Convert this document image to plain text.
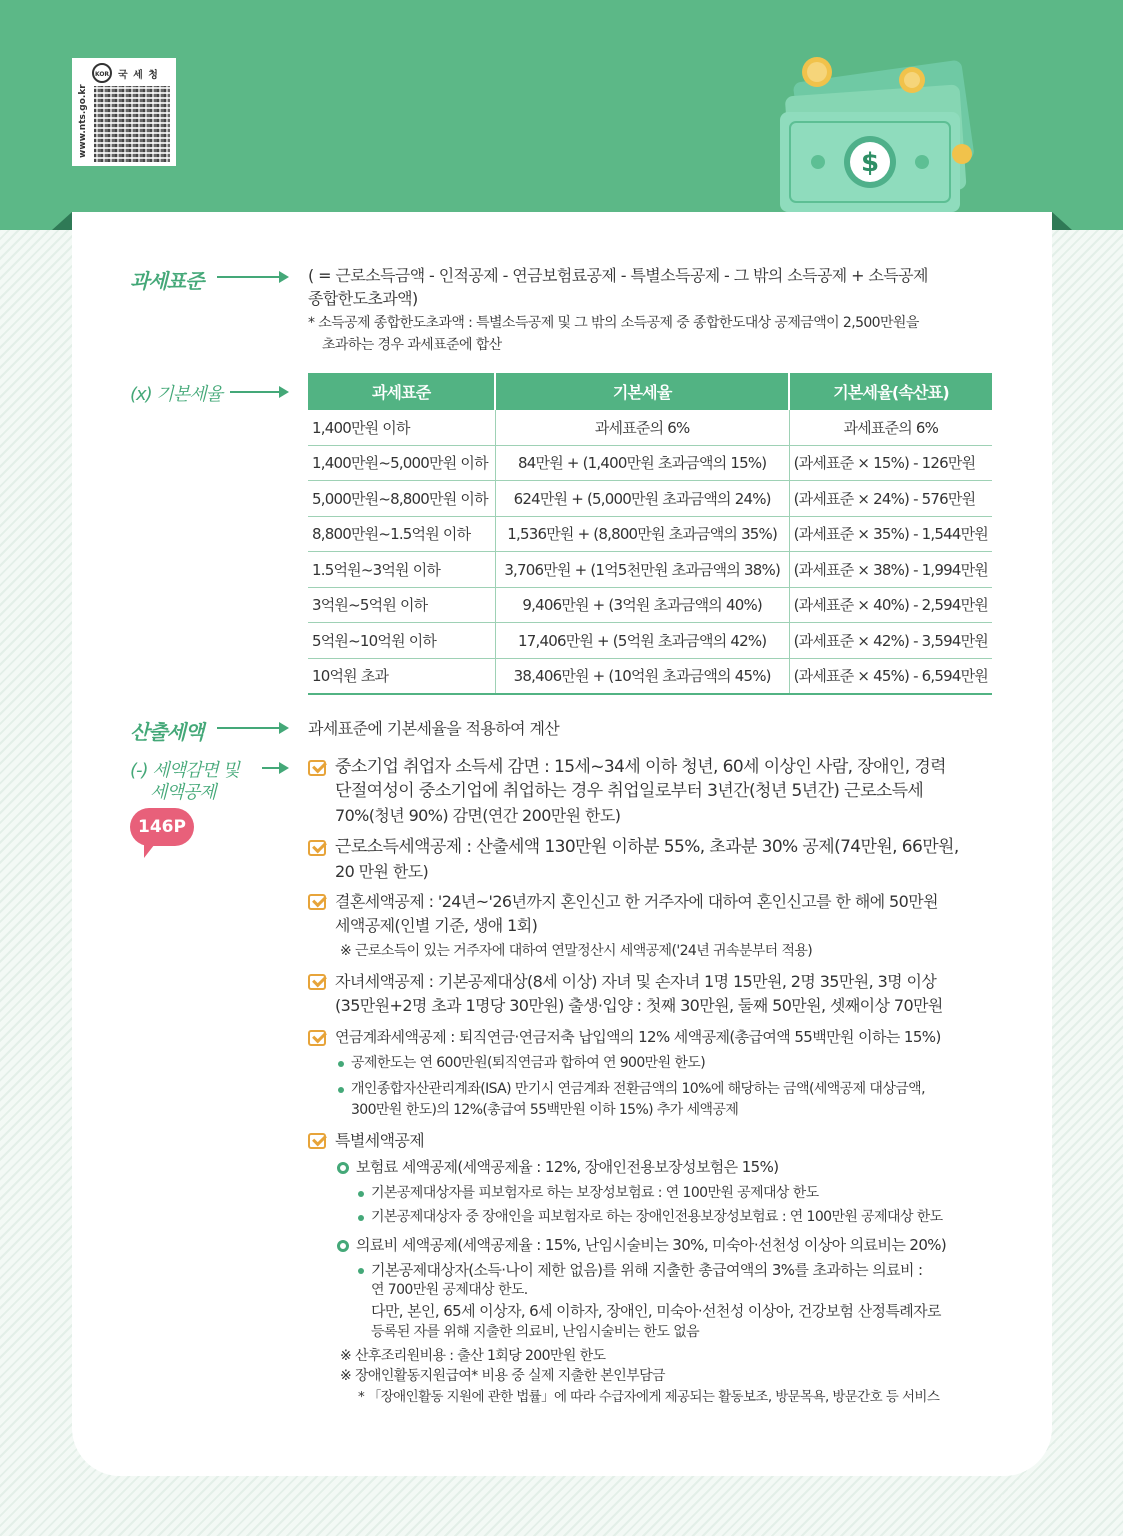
KOR 국 세 청
www.nts.go.kr
$
과세표준	( = 근로소득금액 - 인적공제 - 연금보험료공제 - 특별소득공제 - 그 밖의 소득공제 + 소득공제
종합한도초과액)
* 소득공제 종합한도초과액 : 특별소득공제 및 그 밖의 소득공제 중 종합한도대상 공제금액이 2,500만원을
초과하는 경우 과세표준에 합산
(x) 기본세율	과세표준	기본세율	기본세율(속산표)
1,400만원 이하	과세표준의 6%	과세표준의 6%
1,400만원~5,000만원 이하	84만원 + (1,400만원 초과금액의 15%)	(과세표준 × 15%) - 126만원
5,000만원~8,800만원 이하	624만원 + (5,000만원 초과금액의 24%)	(과세표준 × 24%) - 576만원
8,800만원~1.5억원 이하	1,536만원 + (8,800만원 초과금액의 35%)	(과세표준 × 35%) - 1,544만원
1.5억원~3억원 이하	3,706만원 + (1억5천만원 초과금액의 38%)	(과세표준 × 38%) - 1,994만원
3억원~5억원 이하	9,406만원 + (3억원 초과금액의 40%)	(과세표준 × 40%) - 2,594만원
5억원~10억원 이하	17,406만원 + (5억원 초과금액의 42%)	(과세표준 × 42%) - 3,594만원
10억원 초과	38,406만원 + (10억원 초과금액의 45%)	(과세표준 × 45%) - 6,594만원
산출세액	과세표준에 기본세율을 적용하여 계산
(-) 세액감면 및
세액공제
146P
중소기업 취업자 소득세 감면 : 15세~34세 이하 청년, 60세 이상인 사람, 장애인, 경력
단절여성이 중소기업에 취업하는 경우 취업일로부터 3년간(청년 5년간) 근로소득세
70%(청년 90%) 감면(연간 200만원 한도)
근로소득세액공제 : 산출세액 130만원 이하분 55%, 초과분 30% 공제(74만원, 66만원,
20 만원 한도)
결혼세액공제 : '24년~'26년까지 혼인신고 한 거주자에 대하여 혼인신고를 한 해에 50만원
세액공제(인별 기준, 생애 1회)
※ 근로소득이 있는 거주자에 대하여 연말정산시 세액공제('24년 귀속분부터 적용)
자녀세액공제 : 기본공제대상(8세 이상) 자녀 및 손자녀 1명 15만원, 2명 35만원, 3명 이상
(35만원+2명 초과 1명당 30만원) 출생·입양 : 첫째 30만원, 둘째 50만원, 셋째이상 70만원
연금계좌세액공제 : 퇴직연금·연금저축 납입액의 12% 세액공제(총급여액 55백만원 이하는 15%)
공제한도는 연 600만원(퇴직연금과 합하여 연 900만원 한도)
개인종합자산관리계좌(ISA) 만기시 연금계좌 전환금액의 10%에 해당하는 금액(세액공제 대상금액,
300만원 한도)의 12%(총급여 55백만원 이하 15%) 추가 세액공제
특별세액공제
보험료 세액공제(세액공제율 : 12%, 장애인전용보장성보험은 15%)
기본공제대상자를 피보험자로 하는 보장성보험료 : 연 100만원 공제대상 한도
기본공제대상자 중 장애인을 피보험자로 하는 장애인전용보장성보험료 : 연 100만원 공제대상 한도
의료비 세액공제(세액공제율 : 15%, 난임시술비는 30%, 미숙아·선천성 이상아 의료비는 20%)
기본공제대상자(소득·나이 제한 없음)를 위해 지출한 총급여액의 3%를 초과하는 의료비 :
연 700만원 공제대상 한도.
다만, 본인, 65세 이상자, 6세 이하자, 장애인, 미숙아·선천성 이상아, 건강보험 산정특례자로
등록된 자를 위해 지출한 의료비, 난임시술비는 한도 없음
※ 산후조리원비용 : 출산 1회당 200만원 한도
※ 장애인활동지원급여* 비용 중 실제 지출한 본인부담금
* 「장애인활동 지원에 관한 법률」에 따라 수급자에게 제공되는 활동보조, 방문목욕, 방문간호 등 서비스
